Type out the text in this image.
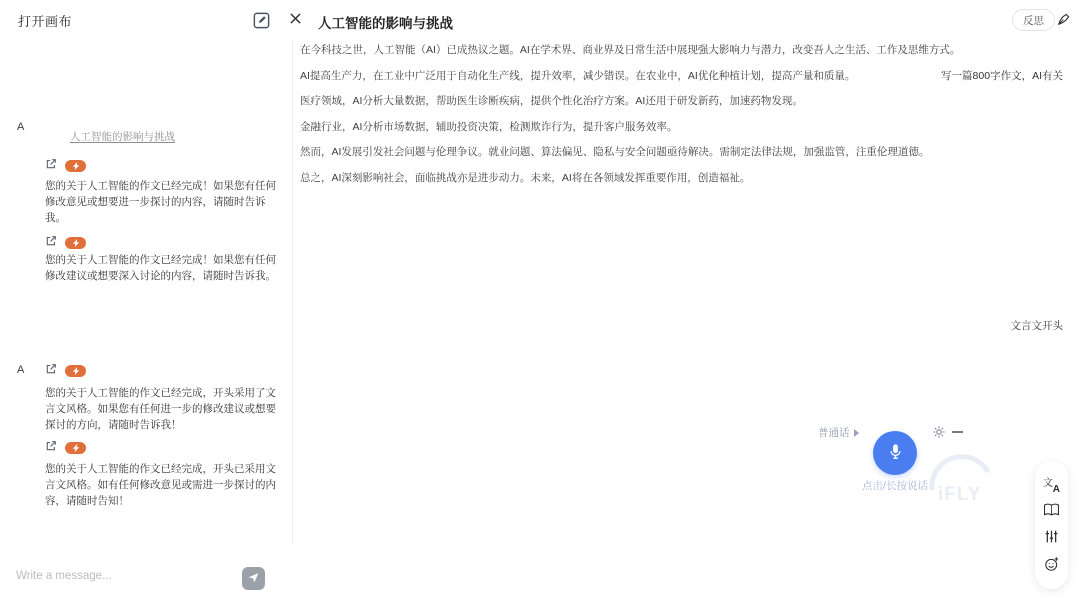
打开画布
写一篇800字作文，AI有关
A
人工智能的影响与挑战
您的关于人工智能的作文已经完成！如果您有任何修改意见或想要进一步探讨的内容，请随时告诉我。
您的关于人工智能的作文已经完成！如果您有任何修改建议或想要深入讨论的内容，请随时告诉我。
文言文开头
A
您的关于人工智能的作文已经完成，开头采用了文言文风格。如果您有任何进一步的修改建议或想要探讨的方向，请随时告诉我！
您的关于人工智能的作文已经完成，开头已采用文言文风格。如有任何修改意见或需进一步探讨的内容，请随时告知！
Write a message...
人工智能的影响与挑战	反思

在今科技之世，人工智能（AI）已成热议之题。AI在学术界、商业界及日常生活中展现强大影响力与潜力，改变吾人之生活、工作及思维方式。

AI提高生产力，在工业中广泛用于自动化生产线，提升效率，减少错误。在农业中，AI优化种植计划，提高产量和质量。

医疗领域，AI分析大量数据，帮助医生诊断疾病，提供个性化治疗方案。AI还用于研发新药，加速药物发现。

金融行业，AI分析市场数据，辅助投资决策，检测欺诈行为，提升客户服务效率。

然而，AI发展引发社会问题与伦理争议。就业问题、算法偏见、隐私与安全问题亟待解决。需制定法律法规，加强监管，注重伦理道德。

总之，AI深刻影响社会，面临挑战亦是进步动力。未来，AI将在各领域发挥重要作用，创造福祉。

普通话
点击/长按说话 iFLY
文
A
